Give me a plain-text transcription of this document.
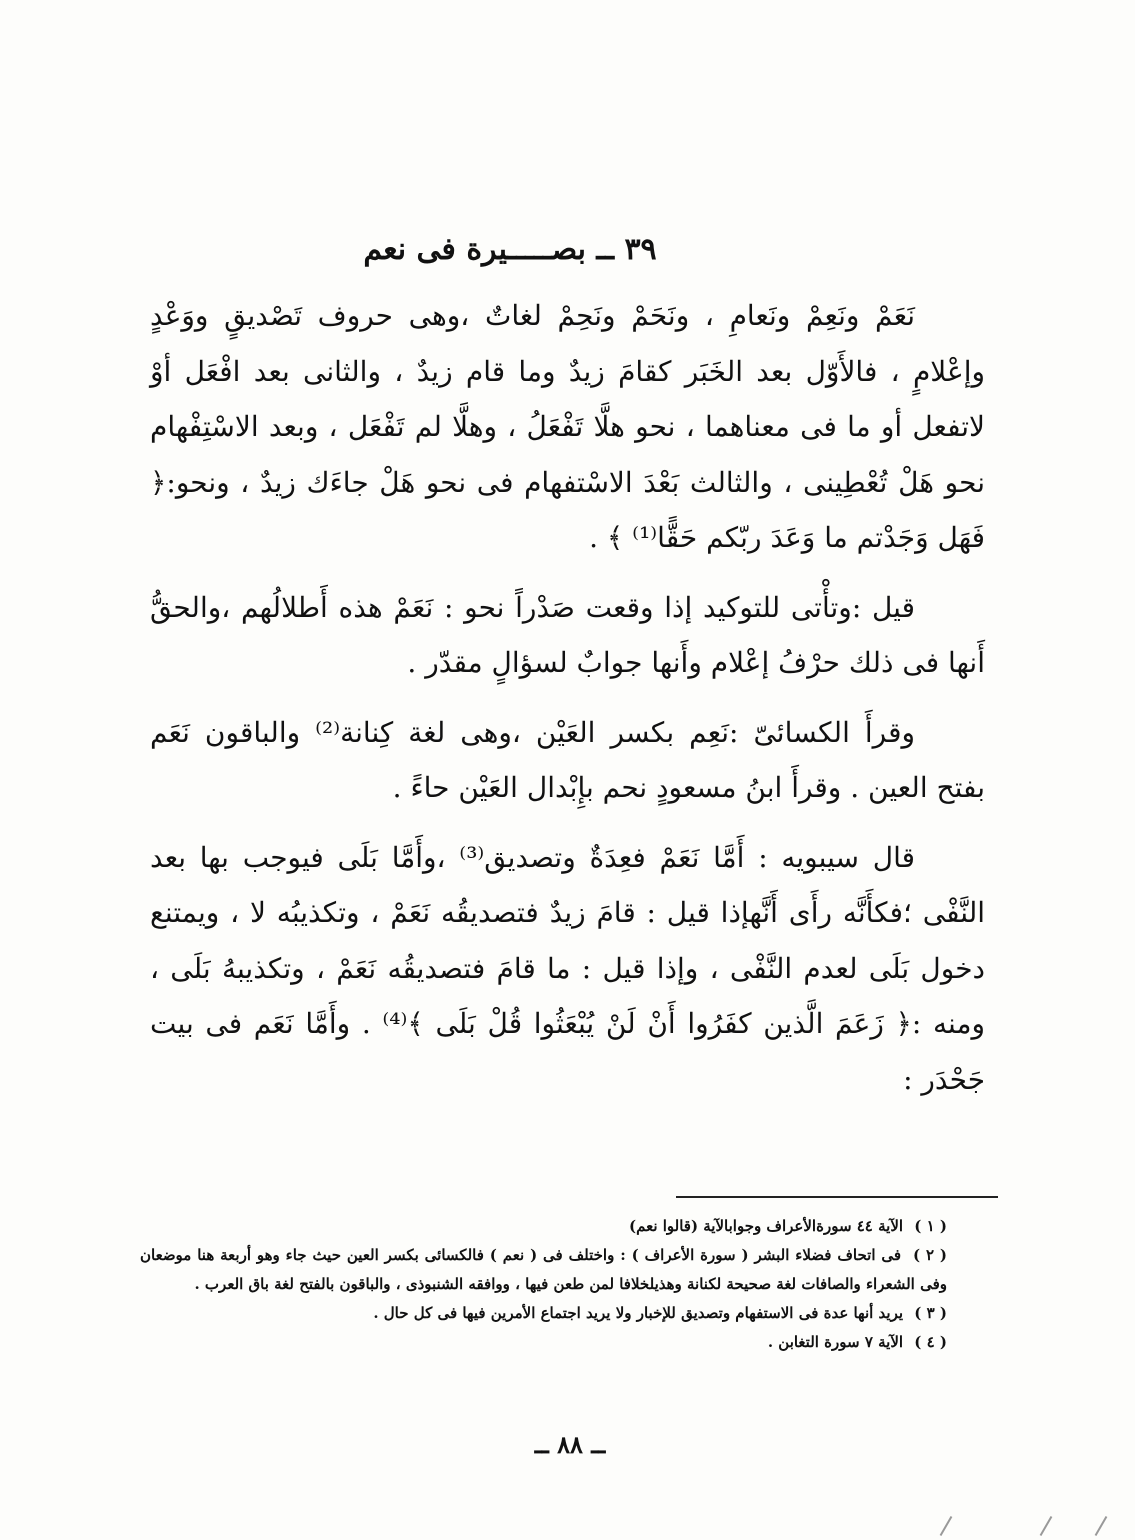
٣٩ ــ بصـــــيرة فى نعم

نَعَمْ ونَعِمْ ونَعامِ ، ونَحَمْ ونَحِمْ لغاتٌ ،وهى حروف تَصْديقٍ ووَعْدٍ وإعْلامٍ ، فالأَوّل بعد الخَبَر كقامَ زيدٌ وما قام زيدٌ ، والثانى بعد افْعَل أوْ لاتفعل أو ما فى معناهما ، نحو هلَّا تَفْعَلُ ، وهلَّا لم تَفْعَل ، وبعد الاسْتِفْهام نحو هَلْ تُعْطِينى ، والثالث بَعْدَ الاسْتفهام فى نحو هَلْ جاءَك زيدٌ ، ونحو:﴿ فَهَل وَجَدْتم ما وَعَدَ ربّكم حَقًّا⁽¹⁾ ﴾ .

قيل :وتأْتى للتوكيد إذا وقعت صَدْراً نحو : نَعَمْ هذه أَطلالُهم ،والحقُّ أَنها فى ذلك حرْفُ إعْلام وأَنها جوابٌ لسؤالٍ مقدّر .

وقرأَ الكسائىّ :نَعِم بكسر العَيْن ،وهى لغة كِنانة⁽²⁾ والباقون نَعَم بفتح العين . وقرأَ ابنُ مسعودٍ نحم بإِبْدال العَيْن حاءً .

قال سيبويه : أَمَّا نَعَمْ فعِدَةٌ وتصديق⁽³⁾ ،وأَمَّا بَلَى فيوجب بها بعد النَّفْى ؛فكأَنَّه رأَى أَنَّهإذا قيل : قامَ زيدٌ فتصديقُه نَعَمْ ، وتكذيبُه لا ، ويمتنع دخول بَلَى لعدم النَّفْى ، وإذا قيل : ما قامَ فتصديقُه نَعَمْ ، وتكذيبهُ بَلَى ، ومنه :﴿ زَعَمَ الَّذين كفَرُوا أَنْ لَنْ يُبْعَثُوا قُلْ بَلَى ﴾⁽⁴⁾ . وأَمَّا نَعَم فى بيت جَحْدَر :

( ١ ) الآية ٤٤ سورةالأعراف وجوابالآية (قالوا نعم)

( ٢ ) فى اتحاف فضلاء البشر ( سورة الأعراف ) : واختلف فى ( نعم ) فالكسائى بكسر العين حيث جاء وهو أربعة هنا موضعان وفى الشعراء والصافات لغة صحيحة لكنانة وهذيلخلافا لمن طعن فيها ، ووافقه الشنبوذى ، والباقون بالفتح لغة باق العرب .

( ٣ ) يريد أنها عدة فى الاستفهام وتصديق للإخبار ولا يريد اجتماع الأمرين فيها فى كل حال .

( ٤ ) الآية ٧ سورة التغابن .

ــ ٨٨ ــ
